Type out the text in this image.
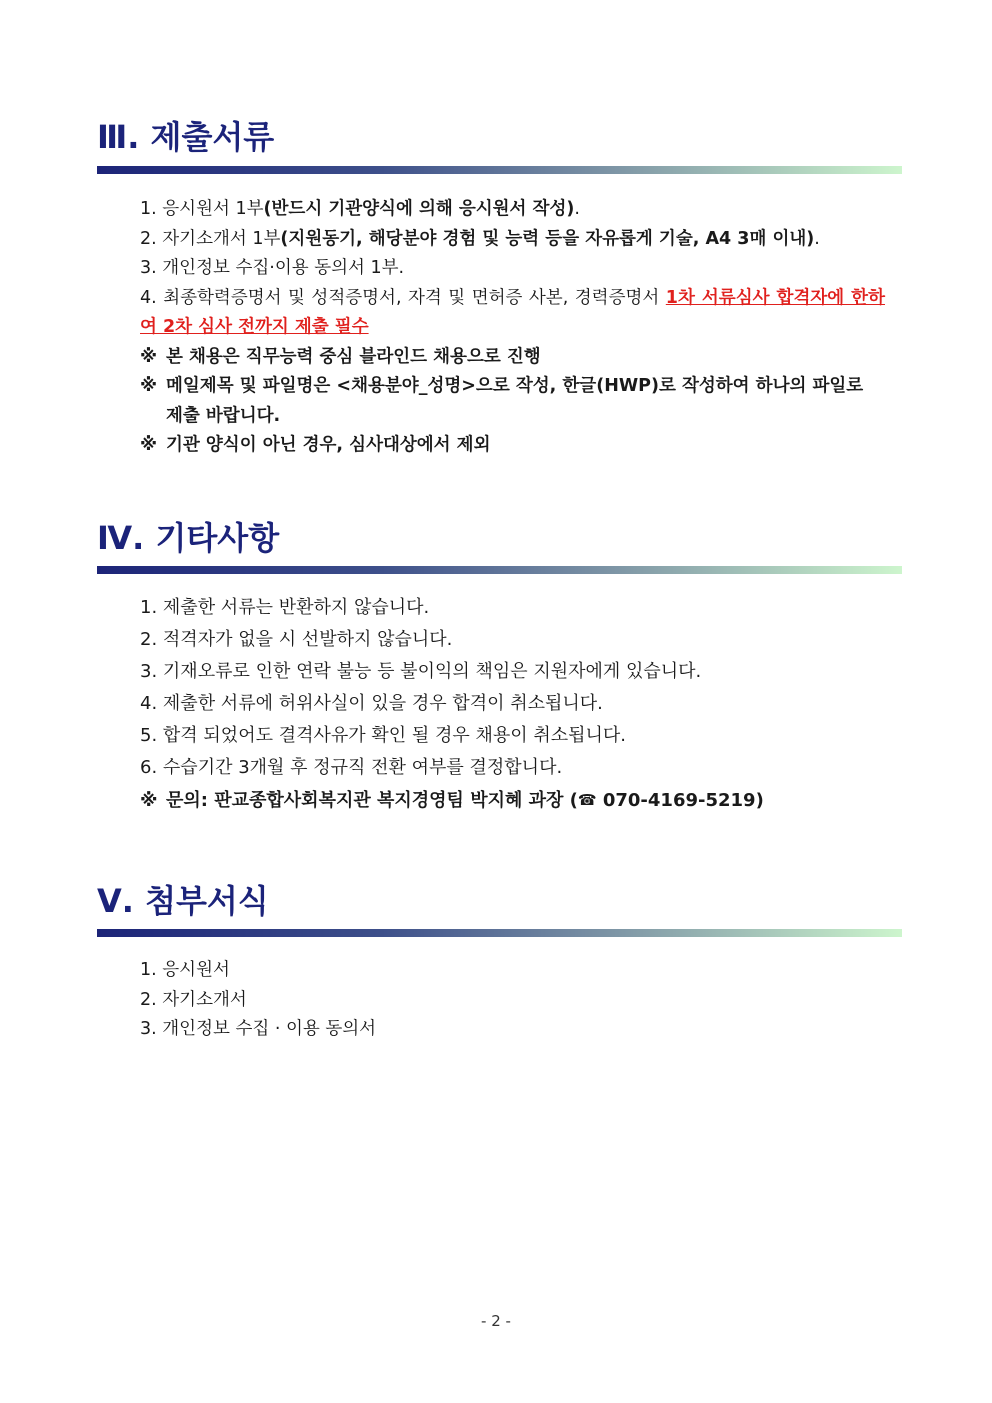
Ⅲ. 제출서류
1. 응시원서 1부(반드시 기관양식에 의해 응시원서 작성).
2. 자기소개서 1부(지원동기, 해당분야 경험 및 능력 등을 자유롭게 기술, A4 3매 이내).
3. 개인정보 수집·이용 동의서 1부.
4. 최종학력증명서 및 성적증명서, 자격 및 면허증 사본, 경력증명서 1차 서류심사 합격자에 한하여 2차 심사 전까지 제출 필수
※ 본 채용은 직무능력 중심 블라인드 채용으로 진행
※ 메일제목 및 파일명은 <채용분야_성명>으로 작성, 한글(HWP)로 작성하여 하나의 파일로 제출 바랍니다.
※ 기관 양식이 아닌 경우, 심사대상에서 제외
Ⅳ. 기타사항
1. 제출한 서류는 반환하지 않습니다.
2. 적격자가 없을 시 선발하지 않습니다.
3. 기재오류로 인한 연락 불능 등 불이익의 책임은 지원자에게 있습니다.
4. 제출한 서류에 허위사실이 있을 경우 합격이 취소됩니다.
5. 합격 되었어도 결격사유가 확인 될 경우 채용이 취소됩니다.
6. 수습기간 3개월 후 정규직 전환 여부를 결정합니다.
※ 문의: 판교종합사회복지관 복지경영팀 박지혜 과장 (☎ 070-4169-5219)
Ⅴ. 첨부서식
1. 응시원서
2. 자기소개서
3. 개인정보 수집 · 이용 동의서
- 2 -
